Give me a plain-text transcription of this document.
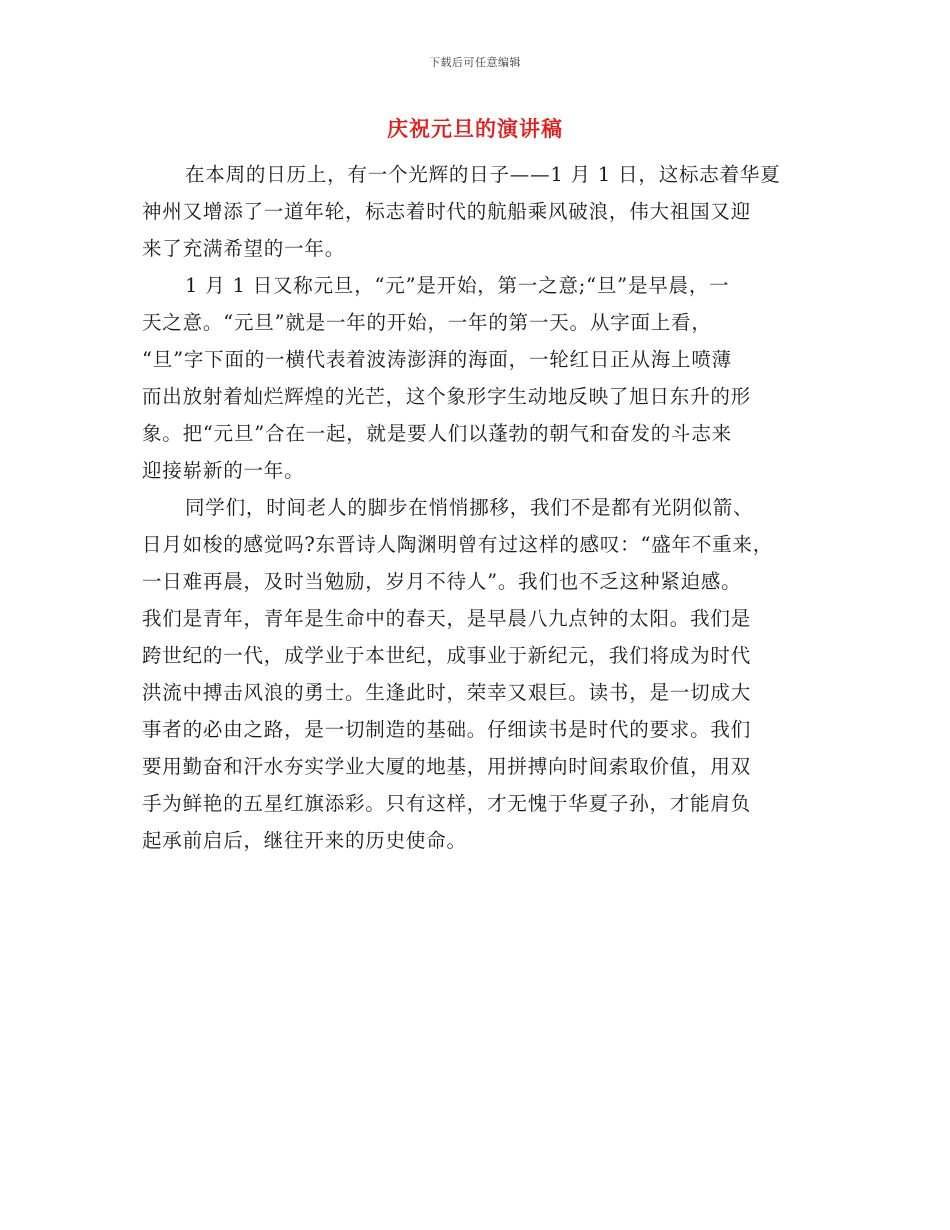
下载后可任意编辑
庆祝元旦的演讲稿
在本周的日历上，有一个光辉的日子——1 月 1 日，这标志着华夏
神州又增添了一道年轮，标志着时代的航船乘风破浪，伟大祖国又迎
来了充满希望的一年。
1 月 1 日又称元旦，“元”是开始，第一之意;“旦”是早晨，一
天之意。“元旦”就是一年的开始，一年的第一天。从字面上看，
“旦”字下面的一横代表着波涛澎湃的海面，一轮红日正从海上喷薄
而出放射着灿烂辉煌的光芒，这个象形字生动地反映了旭日东升的形
象。把“元旦”合在一起，就是要人们以蓬勃的朝气和奋发的斗志来
迎接崭新的一年。
同学们，时间老人的脚步在悄悄挪移，我们不是都有光阴似箭、
日月如梭的感觉吗?东晋诗人陶渊明曾有过这样的感叹：“盛年不重来，
一日难再晨，及时当勉励，岁月不待人”。我们也不乏这种紧迫感。
我们是青年，青年是生命中的春天，是早晨八九点钟的太阳。我们是
跨世纪的一代，成学业于本世纪，成事业于新纪元，我们将成为时代
洪流中搏击风浪的勇士。生逢此时，荣幸又艰巨。读书，是一切成大
事者的必由之路，是一切制造的基础。仔细读书是时代的要求。我们
要用勤奋和汗水夯实学业大厦的地基，用拼搏向时间索取价值，用双
手为鲜艳的五星红旗添彩。只有这样，才无愧于华夏子孙，才能肩负
起承前启后，继往开来的历史使命。
